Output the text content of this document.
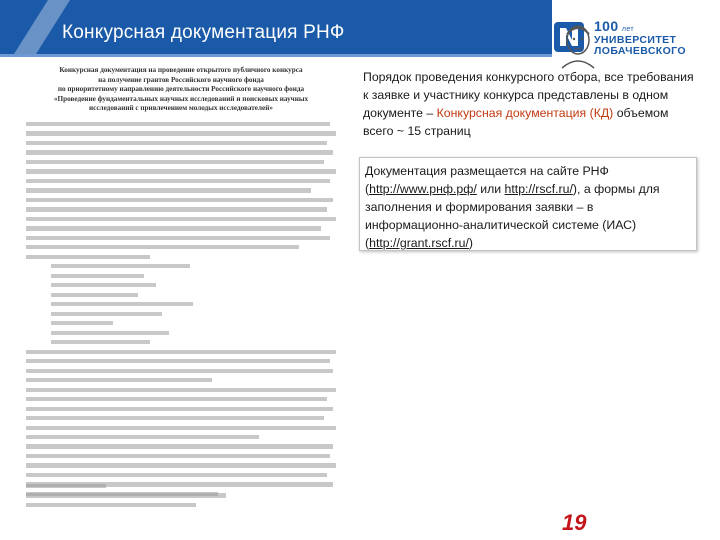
Конкурсная документация РНФ	100 лет
УНИВЕРСИТЕТ
ЛОБАЧЕВСКОГО
Конкурсная документация на проведение открытого публичного конкурса
на получение грантов Российского научного фонда
по приоритетному направлению деятельности Российского научного фонда
«Проведение фундаментальных научных исследований и поисковых научных
исследований с привлечением молодых исследователей»
Порядок проведения конкурсного отбора, все требования к заявке и участнику конкурса представлены в одном документе – Конкурсная документация (КД) объемом всего ~ 15 страниц
Документация размещается на сайте РНФ (http://www.рнф.рф/ или http://rscf.ru/), а формы для заполнения и формирования заявки – в информационно-аналитической системе (ИАС) (http://grant.rscf.ru/)
19
